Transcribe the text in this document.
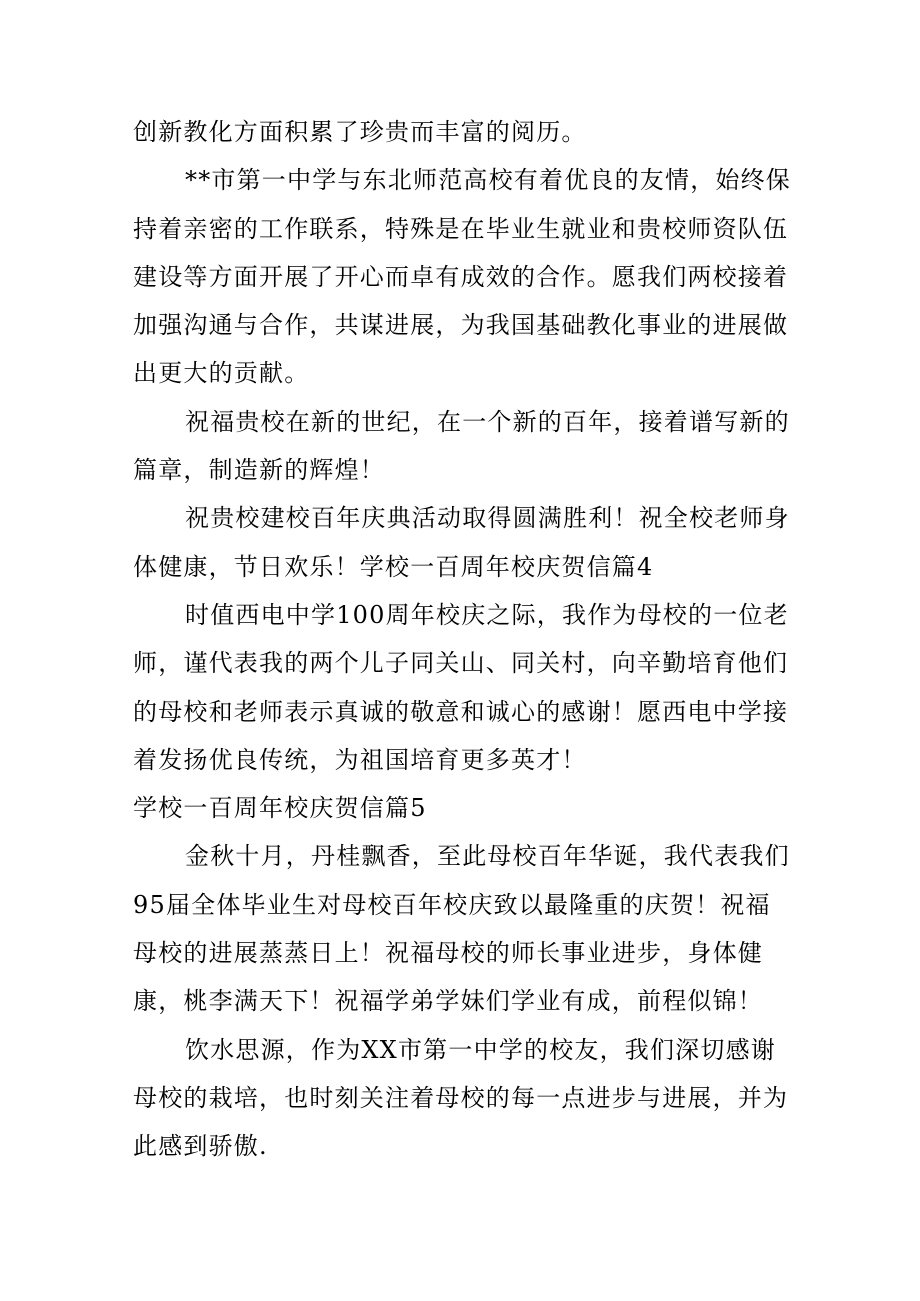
创新教化方面积累了珍贵而丰富的阅历。

**市第一中学与东北师范高校有着优良的友情，始终保持着亲密的工作联系，特殊是在毕业生就业和贵校师资队伍建设等方面开展了开心而卓有成效的合作。愿我们两校接着加强沟通与合作，共谋进展，为我国基础教化事业的进展做出更大的贡献。

祝福贵校在新的世纪，在一个新的百年，接着谱写新的篇章，制造新的辉煌！

祝贵校建校百年庆典活动取得圆满胜利！祝全校老师身体健康，节日欢乐！学校一百周年校庆贺信篇4

时值西电中学100周年校庆之际，我作为母校的一位老师，谨代表我的两个儿子同关山、同关村，向辛勤培育他们的母校和老师表示真诚的敬意和诚心的感谢！愿西电中学接着发扬优良传统，为祖国培育更多英才！

学校一百周年校庆贺信篇5

金秋十月，丹桂飘香，至此母校百年华诞，我代表我们95届全体毕业生对母校百年校庆致以最隆重的庆贺！祝福母校的进展蒸蒸日上！祝福母校的师长事业进步，身体健康，桃李满天下！祝福学弟学妹们学业有成，前程似锦！

饮水思源，作为XX市第一中学的校友，我们深切感谢母校的栽培，也时刻关注着母校的每一点进步与进展，并为此感到骄傲.
